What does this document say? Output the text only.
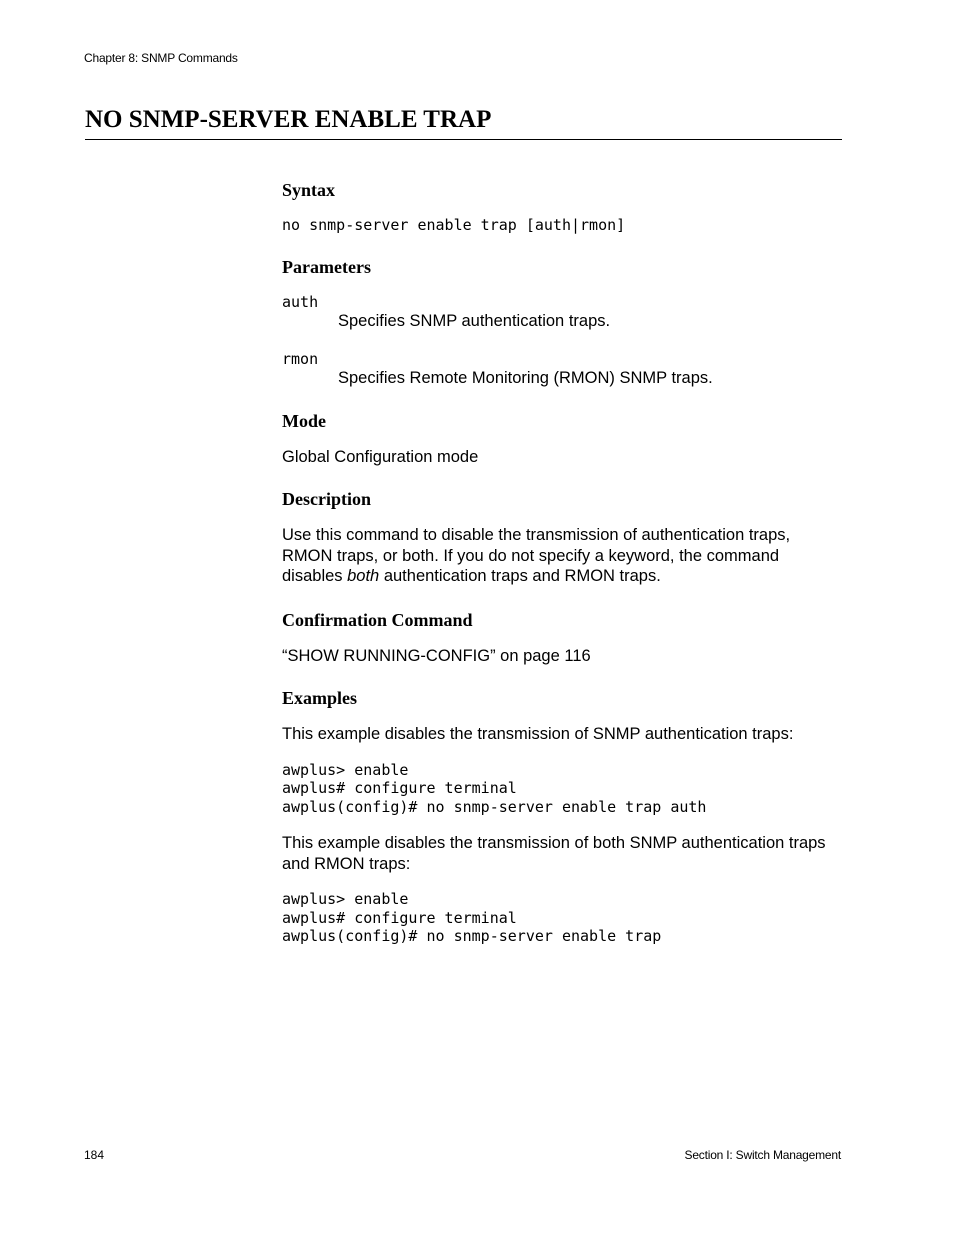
Chapter 8: SNMP Commands
NO SNMP-SERVER ENABLE TRAP
Syntax
no snmp-server enable trap [auth|rmon]
Parameters
auth
Specifies SNMP authentication traps.
rmon
Specifies Remote Monitoring (RMON) SNMP traps.
Mode

Global Configuration mode

Description

Use this command to disable the transmission of authentication traps, RMON traps, or both. If you do not specify a keyword, the command disables both authentication traps and RMON traps.

Confirmation Command

“SHOW RUNNING-CONFIG” on page 116

Examples

This example disables the transmission of SNMP authentication traps:

awplus> enable
awplus# configure terminal
awplus(config)# no snmp-server enable trap auth

This example disables the transmission of both SNMP authentication traps and RMON traps:

awplus> enable
awplus# configure terminal
awplus(config)# no snmp-server enable trap
184	Section I: Switch Management
